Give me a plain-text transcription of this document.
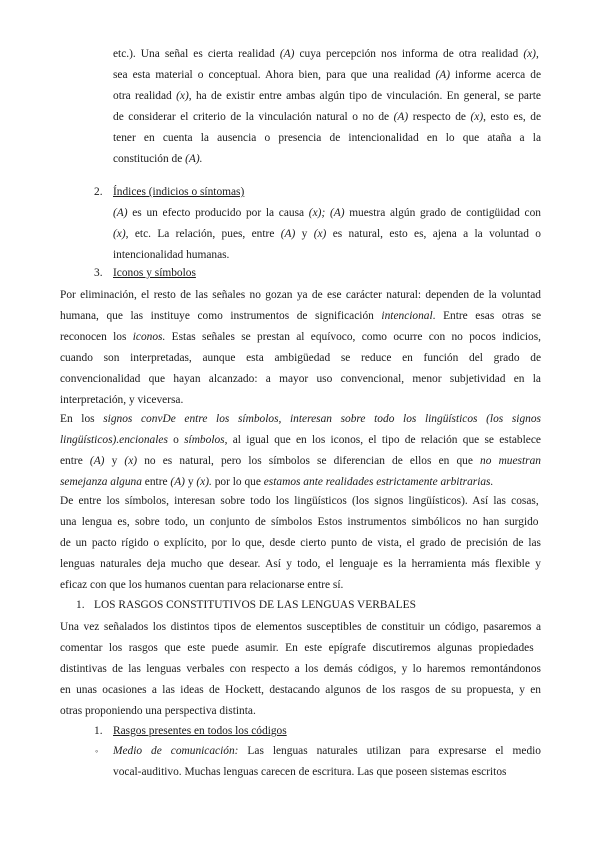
etc.). Una señal es cierta realidad (A) cuya percepción nos informa de otra realidad (x),
sea esta material o conceptual. Ahora bien, para que una realidad (A) informe acerca de
otra realidad (x), ha de existir entre ambas algún tipo de vinculación. En general, se parte
de considerar el criterio de la vinculación natural o no de (A) respecto de (x), esto es, de
tener en cuenta la ausencia o presencia de intencionalidad en lo que ataña a la
constitución de (A).
2. Índices (indicios o síntomas)
(A) es un efecto producido por la causa (x); (A) muestra algún grado de contigüidad con
(x), etc. La relación, pues, entre (A) y (x) es natural, esto es, ajena a la voluntad o
intencionalidad humanas.
3. Iconos y símbolos
Por eliminación, el resto de las señales no gozan ya de ese carácter natural: dependen de la voluntad
humana, que las instituye como instrumentos de significación intencional. Entre esas otras se
reconocen los iconos. Estas señales se prestan al equívoco, como ocurre con no pocos indicios,
cuando son interpretadas, aunque esta ambigüedad se reduce en función del grado de
convencionalidad que hayan alcanzado: a mayor uso convencional, menor subjetividad en la
interpretación, y viceversa.
En los signos convDe entre los símbolos, interesan sobre todo los lingüísticos (los signos
lingüísticos).encionales o símbolos, al igual que en los iconos, el tipo de relación que se establece
entre (A) y (x) no es natural, pero los símbolos se diferencian de ellos en que no muestran
semejanza alguna entre (A) y (x). por lo que estamos ante realidades estrictamente arbitrarias.
De entre los símbolos, interesan sobre todo los lingüísticos (los signos lingüísticos). Así las cosas,
una lengua es, sobre todo, un conjunto de símbolos Estos instrumentos simbólicos no han surgido
de un pacto rígido o explícito, por lo que, desde cierto punto de vista, el grado de precisión de las
lenguas naturales deja mucho que desear. Así y todo, el lenguaje es la herramienta más flexible y
eficaz con que los humanos cuentan para relacionarse entre sí.
1. LOS RASGOS CONSTITUTIVOS DE LAS LENGUAS VERBALES
Una vez señalados los distintos tipos de elementos susceptibles de constituir un código, pasaremos a
comentar los rasgos que este puede asumir. En este epígrafe discutiremos algunas propiedades
distintivas de las lenguas verbales con respecto a los demás códigos, y lo haremos remontándonos
en unas ocasiones a las ideas de Hockett, destacando algunos de los rasgos de su propuesta, y en
otras proponiendo una perspectiva distinta.
1. Rasgos presentes en todos los códigos
◦ Medio de comunicación: Las lenguas naturales utilizan para expresarse el medio
vocal-auditivo. Muchas lenguas carecen de escritura. Las que poseen sistemas escritos
